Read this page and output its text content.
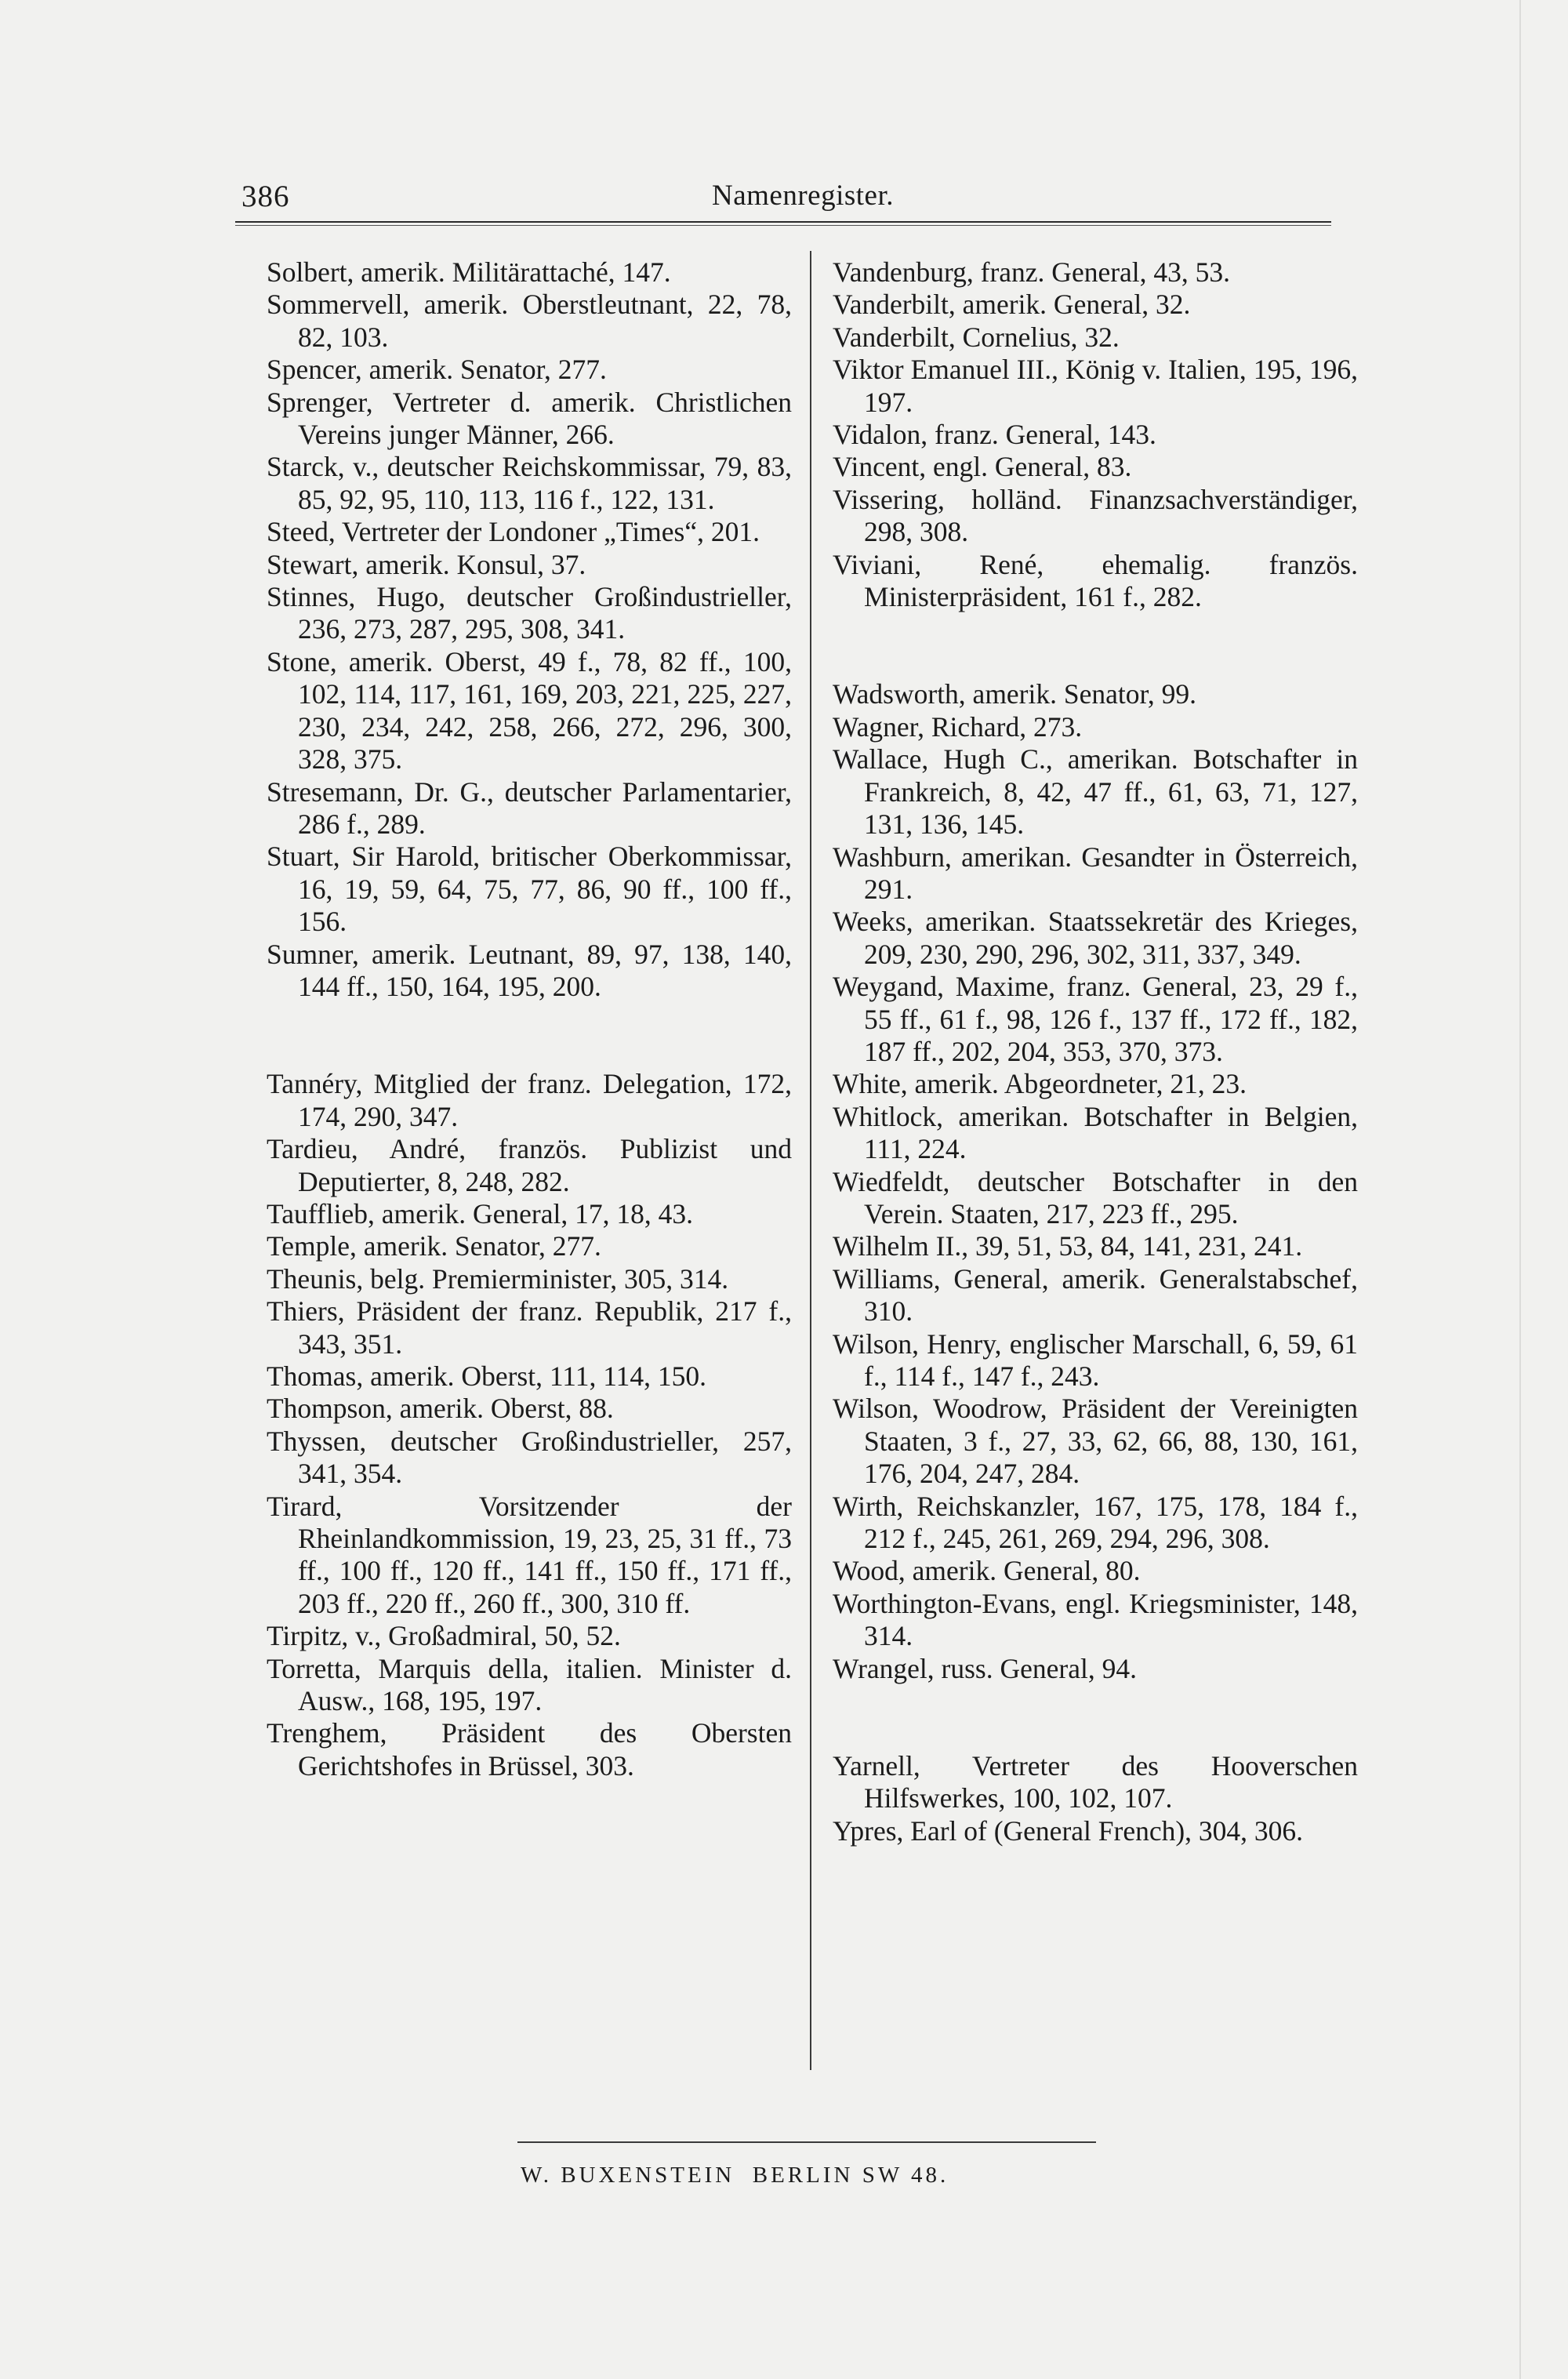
386	Namenregister.
Solbert, amerik. Militärattaché, 147.
Sommervell, amerik. Oberstleutnant, 22, 78, 82, 103.
Spencer, amerik. Senator, 277.
Sprenger, Vertreter d. amerik. Christlichen Vereins junger Männer, 266.
Starck, v., deutscher Reichskommissar, 79, 83, 85, 92, 95, 110, 113, 116 f., 122, 131.
Steed, Vertreter der Londoner „Times“, 201.
Stewart, amerik. Konsul, 37.
Stinnes, Hugo, deutscher Großindustrieller, 236, 273, 287, 295, 308, 341.
Stone, amerik. Oberst, 49 f., 78, 82 ff., 100, 102, 114, 117, 161, 169, 203, 221, 225, 227, 230, 234, 242, 258, 266, 272, 296, 300, 328, 375.
Stresemann, Dr. G., deutscher Parlamentarier, 286 f., 289.
Stuart, Sir Harold, britischer Oberkommissar, 16, 19, 59, 64, 75, 77, 86, 90 ff., 100 ff., 156.
Sumner, amerik. Leutnant, 89, 97, 138, 140, 144 ff., 150, 164, 195, 200.
Tannéry, Mitglied der franz. Delegation, 172, 174, 290, 347.
Tardieu, André, französ. Publizist und Deputierter, 8, 248, 282.
Taufflieb, amerik. General, 17, 18, 43.
Temple, amerik. Senator, 277.
Theunis, belg. Premierminister, 305, 314.
Thiers, Präsident der franz. Republik, 217 f., 343, 351.
Thomas, amerik. Oberst, 111, 114, 150.
Thompson, amerik. Oberst, 88.
Thyssen, deutscher Großindustrieller, 257, 341, 354.
Tirard, Vorsitzender der Rheinlandkommission, 19, 23, 25, 31 ff., 73 ff., 100 ff., 120 ff., 141 ff., 150 ff., 171 ff., 203 ff., 220 ff., 260 ff., 300, 310 ff.
Tirpitz, v., Großadmiral, 50, 52.
Torretta, Marquis della, italien. Minister d. Ausw., 168, 195, 197.
Trenghem, Präsident des Obersten Gerichtshofes in Brüssel, 303.
Vandenburg, franz. General, 43, 53.
Vanderbilt, amerik. General, 32.
Vanderbilt, Cornelius, 32.
Viktor Emanuel III., König v. Italien, 195, 196, 197.
Vidalon, franz. General, 143.
Vincent, engl. General, 83.
Vissering, holländ. Finanzsachverständiger, 298, 308.
Viviani, René, ehemalig. französ. Ministerpräsident, 161 f., 282.
Wadsworth, amerik. Senator, 99.
Wagner, Richard, 273.
Wallace, Hugh C., amerikan. Botschafter in Frankreich, 8, 42, 47 ff., 61, 63, 71, 127, 131, 136, 145.
Washburn, amerikan. Gesandter in Österreich, 291.
Weeks, amerikan. Staatssekretär des Krieges, 209, 230, 290, 296, 302, 311, 337, 349.
Weygand, Maxime, franz. General, 23, 29 f., 55 ff., 61 f., 98, 126 f., 137 ff., 172 ff., 182, 187 ff., 202, 204, 353, 370, 373.
White, amerik. Abgeordneter, 21, 23.
Whitlock, amerikan. Botschafter in Belgien, 111, 224.
Wiedfeldt, deutscher Botschafter in den Verein. Staaten, 217, 223 ff., 295.
Wilhelm II., 39, 51, 53, 84, 141, 231, 241.
Williams, General, amerik. Generalstabschef, 310.
Wilson, Henry, englischer Marschall, 6, 59, 61 f., 114 f., 147 f., 243.
Wilson, Woodrow, Präsident der Vereinigten Staaten, 3 f., 27, 33, 62, 66, 88, 130, 161, 176, 204, 247, 284.
Wirth, Reichskanzler, 167, 175, 178, 184 f., 212 f., 245, 261, 269, 294, 296, 308.
Wood, amerik. General, 80.
Worthington-Evans, engl. Kriegsminister, 148, 314.
Wrangel, russ. General, 94.
Yarnell, Vertreter des Hooverschen Hilfswerkes, 100, 102, 107.
Ypres, Earl of (General French), 304, 306.
W. BUXENSTEIN  BERLIN SW 48.
